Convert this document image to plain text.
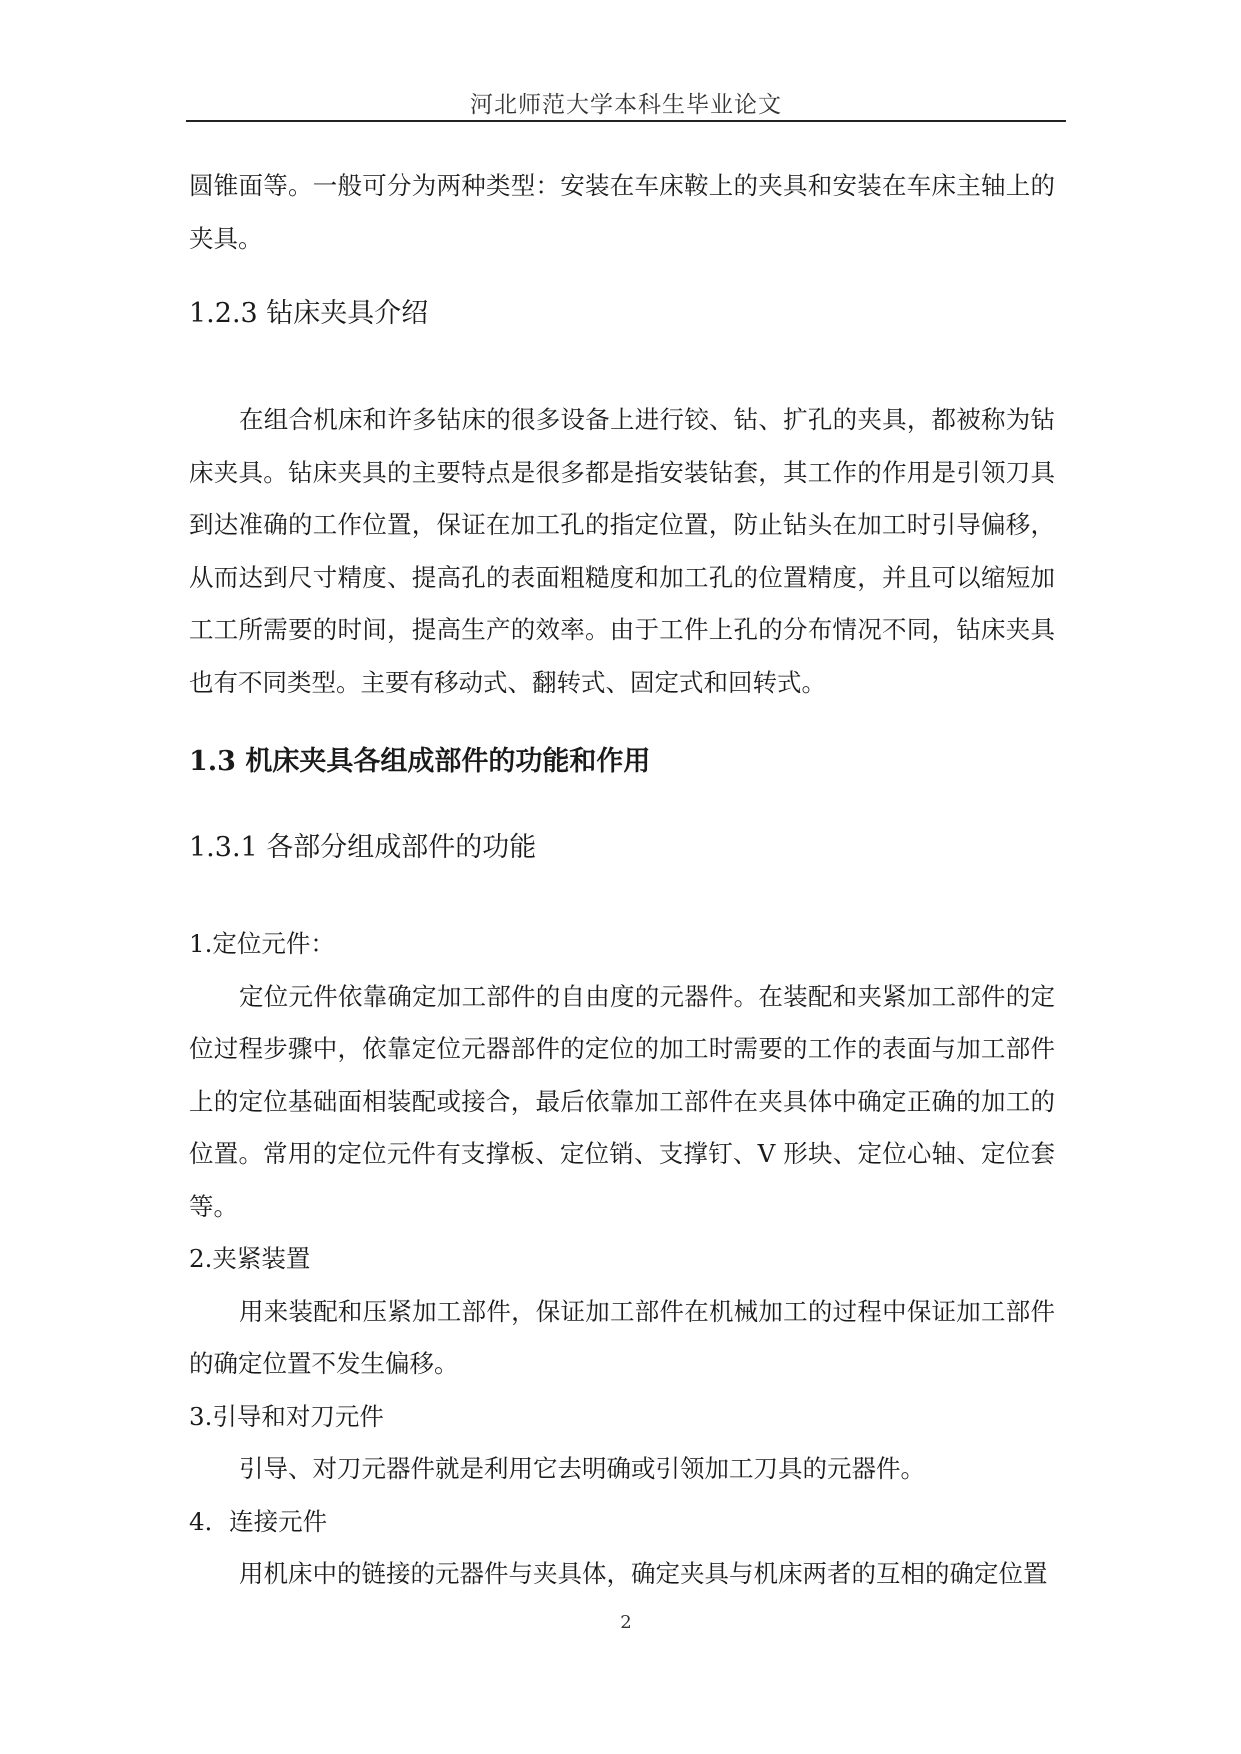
河北师范大学本科生毕业论文

圆锥面等。一般可分为两种类型：安装在车床鞍上的夹具和安装在车床主轴上的夹具。

1.2.3 钻床夹具介绍

在组合机床和许多钻床的很多设备上进行铰、钻、扩孔的夹具，都被称为钻床夹具。钻床夹具的主要特点是很多都是指安装钻套，其工作的作用是引领刀具到达准确的工作位置，保证在加工孔的指定位置，防止钻头在加工时引导偏移，从而达到尺寸精度、提高孔的表面粗糙度和加工孔的位置精度，并且可以缩短加工工所需要的时间，提高生产的效率。由于工件上孔的分布情况不同，钻床夹具也有不同类型。主要有移动式、翻转式、固定式和回转式。

1.3 机床夹具各组成部件的功能和作用
1.3.1 各部分组成部件的功能

1.定位元件：

定位元件依靠确定加工部件的自由度的元器件。在装配和夹紧加工部件的定位过程步骤中，依靠定位元器部件的定位的加工时需要的工作的表面与加工部件上的定位基础面相装配或接合，最后依靠加工部件在夹具体中确定正确的加工的位置。常用的定位元件有支撑板、定位销、支撑钉、V 形块、定位心轴、定位套等。

2.夹紧装置

用来装配和压紧加工部件，保证加工部件在机械加工的过程中保证加工部件的确定位置不发生偏移。

3.引导和对刀元件

引导、对刀元器件就是利用它去明确或引领加工刀具的元器件。

4．连接元件

用机床中的链接的元器件与夹具体，确定夹具与机床两者的互相的确定位置

2
